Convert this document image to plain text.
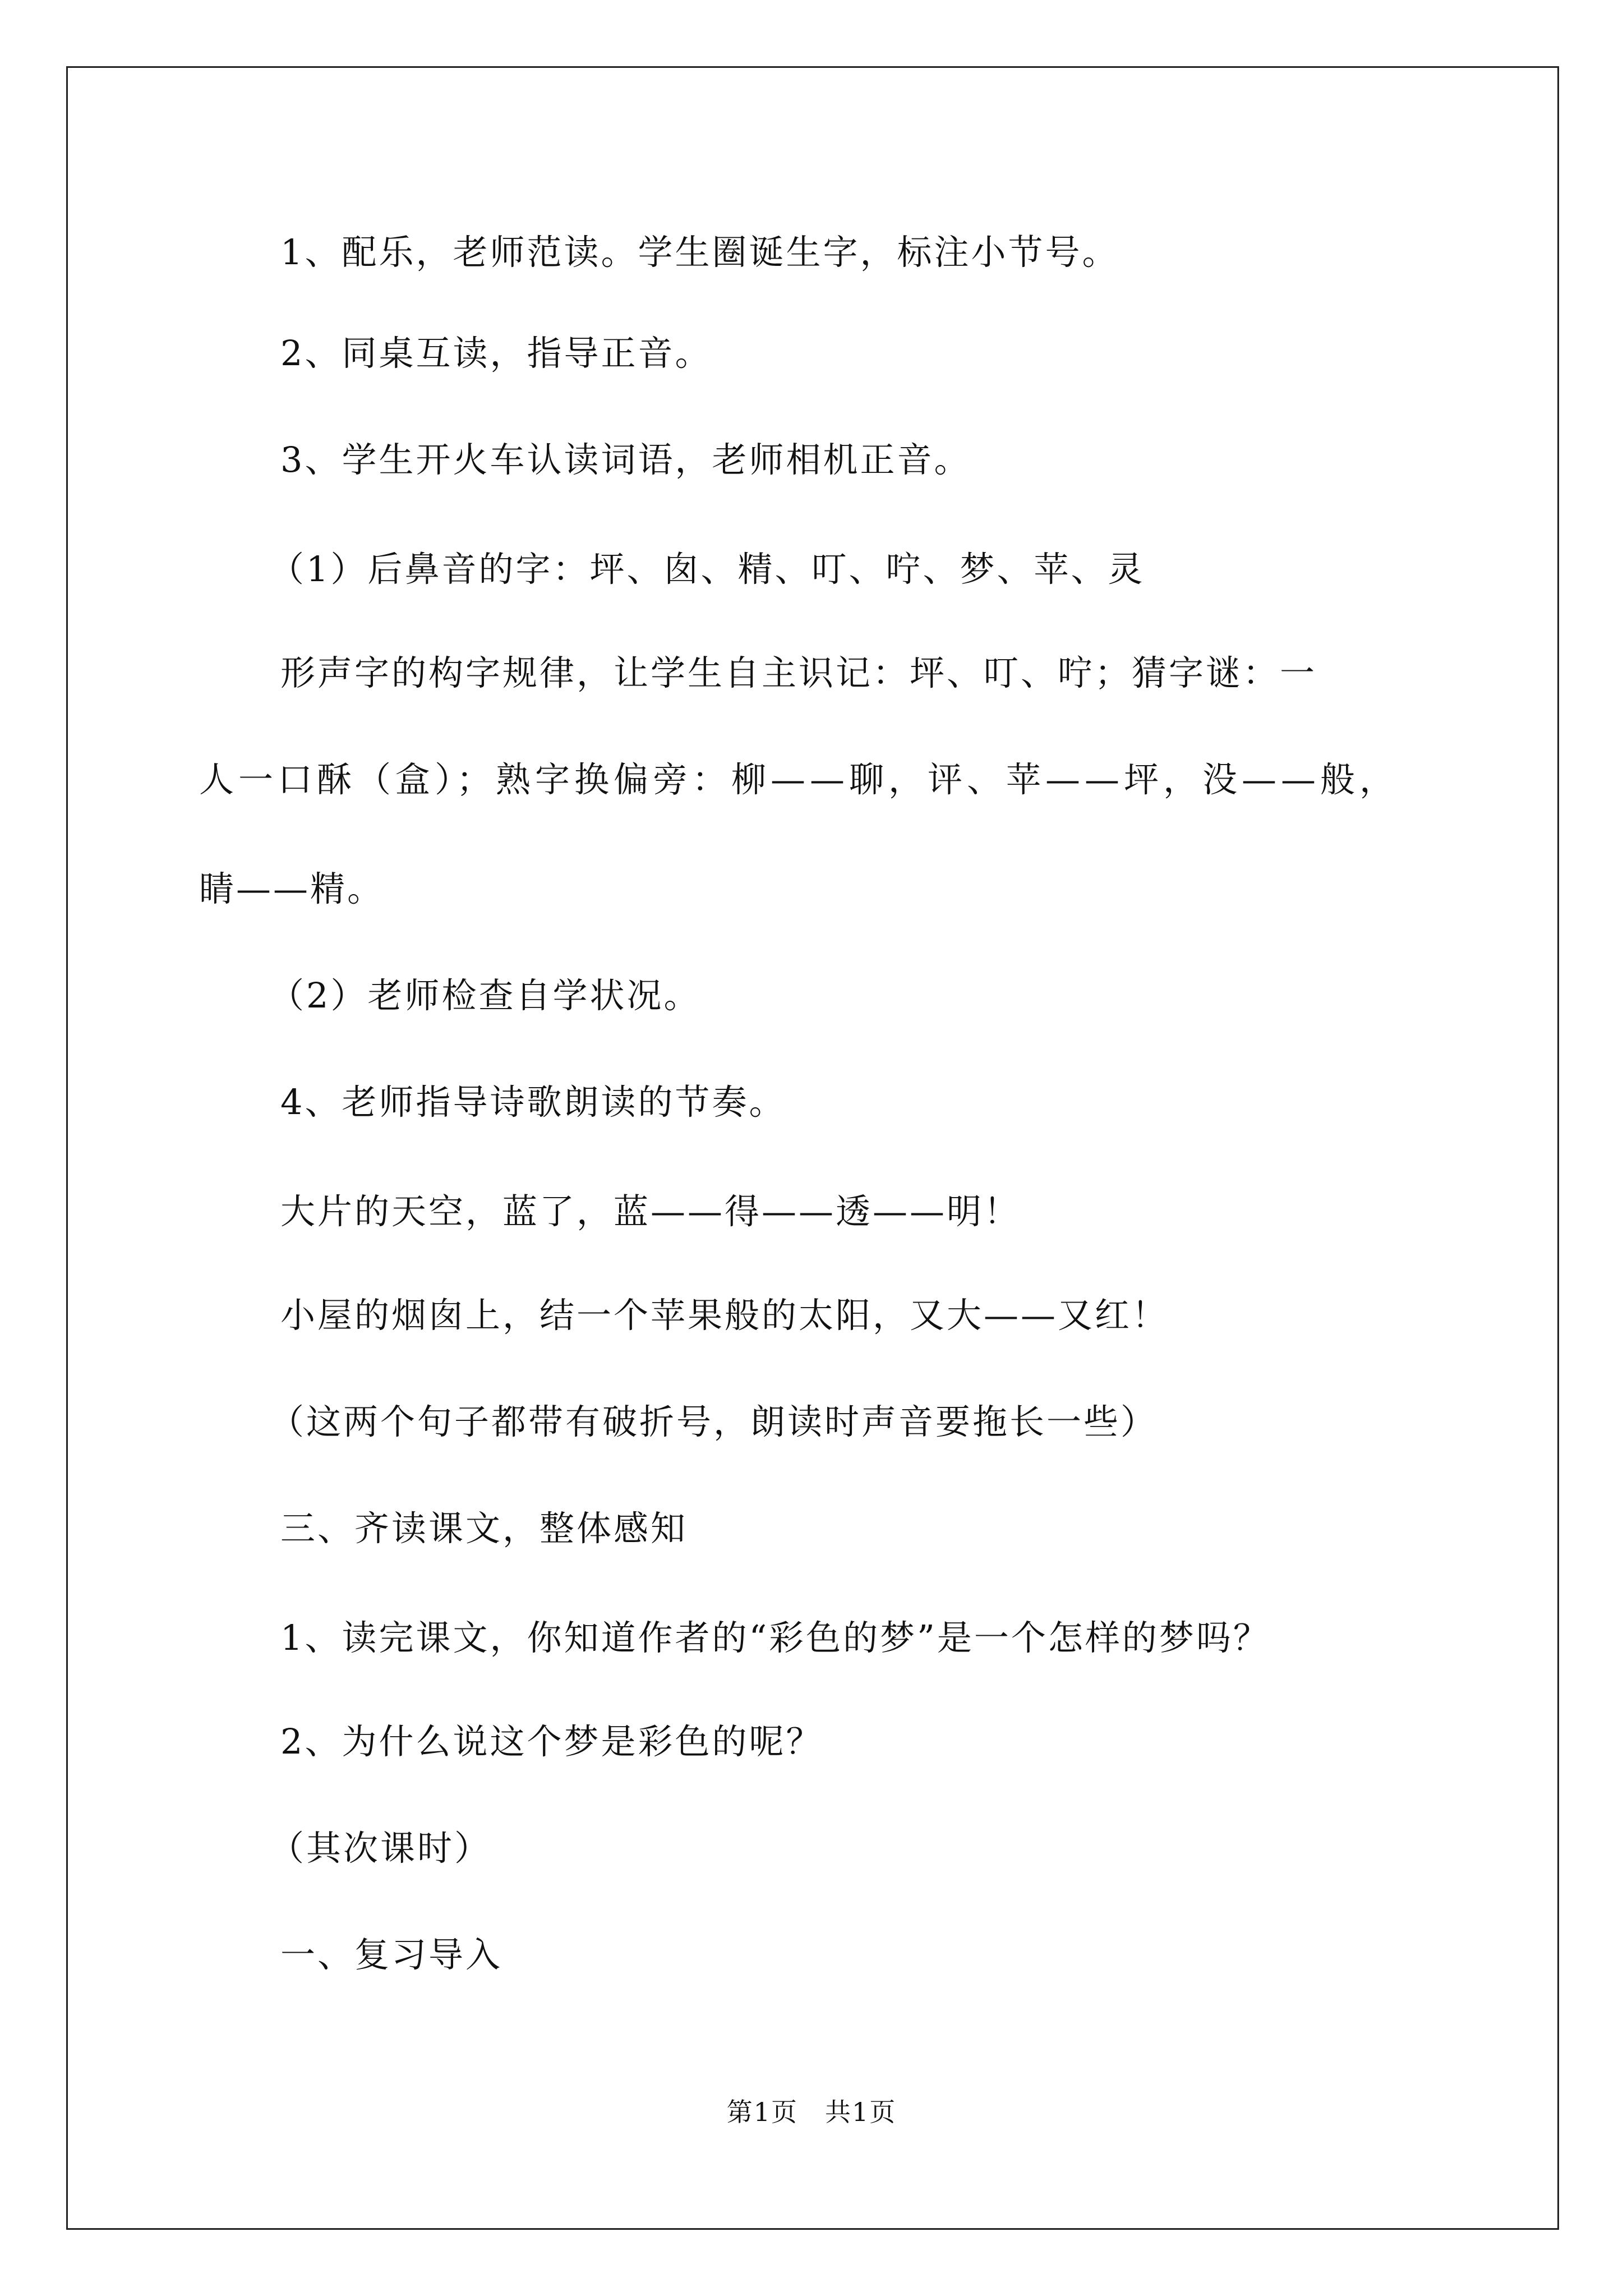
1、配乐，老师范读。学生圈诞生字，标注小节号。
2、同桌互读，指导正音。
3、学生开火车认读词语，老师相机正音。
（1）后鼻音的字：坪、囱、精、叮、咛、梦、苹、灵
形声字的构字规律，让学生自主识记：坪、叮、咛；猜字谜：一
人一口酥（盒）；熟字换偏旁：柳——聊，评、苹——坪，没——般，
睛——精。
（2）老师检查自学状况。
4、老师指导诗歌朗读的节奏。
大片的天空，蓝了，蓝——得——透——明！
小屋的烟囱上，结一个苹果般的太阳，又大——又红！
（这两个句子都带有破折号，朗读时声音要拖长一些）
三、齐读课文，整体感知
1、读完课文，你知道作者的“彩色的梦”是一个怎样的梦吗？
2、为什么说这个梦是彩色的呢？
（其次课时）
一、复习导入
第1页　共1页
